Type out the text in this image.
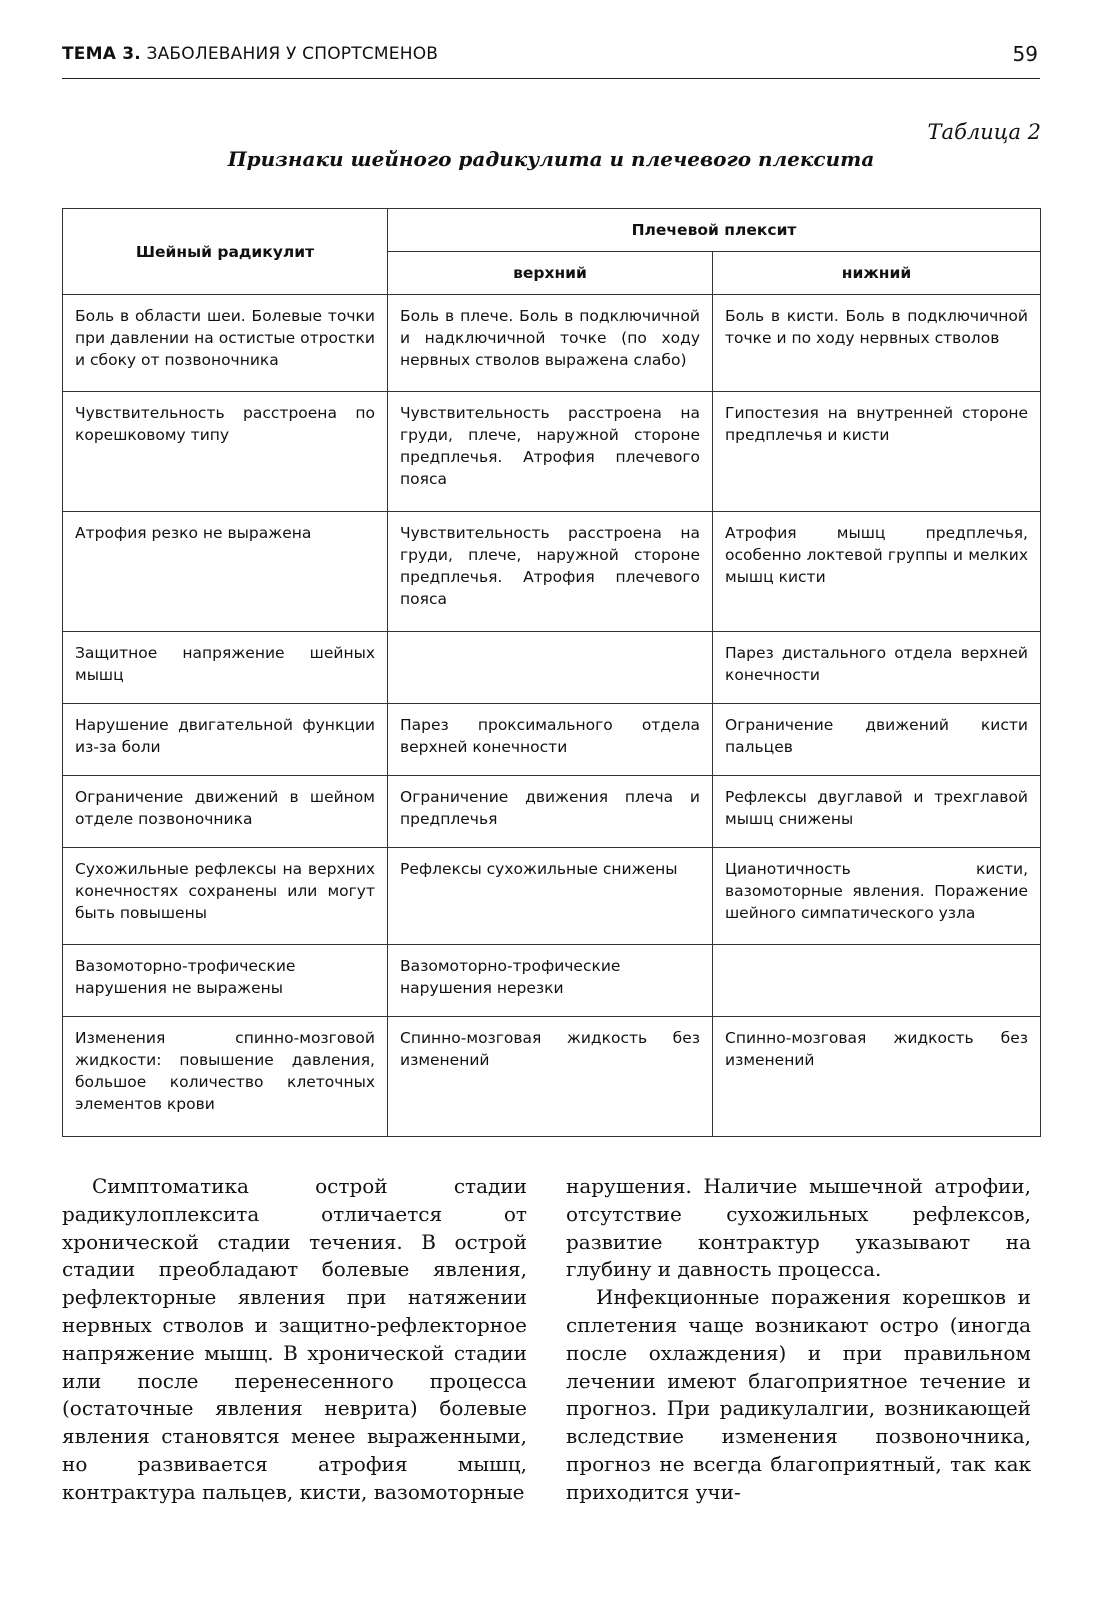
ТЕМА 3. ЗАБОЛЕВАНИЯ У СПОРТСМЕНОВ	59
Таблица 2
Признаки шейного радикулита и плечевого плексита
Шейный радикулит	Плечевой плексит	
	верхний	нижний
Боль в области шеи. Болевые точки при давлении на остистые отростки и сбоку от позвоночника	Боль в плече. Боль в подключичной и надключичной точке (по ходу нервных стволов выражена слабо)	Боль в кисти. Боль в подключичной точке и по ходу нервных стволов
Чувствительность расстроена по корешковому типу	Чувствительность расстроена на груди, плече, наружной стороне предплечья. Атрофия плечевого пояса	Гипостезия на внутренней стороне предплечья и кисти
Атрофия резко не выражена	Чувствительность расстроена на груди, плече, наружной стороне предплечья. Атрофия плечевого пояса	Атрофия мышц предплечья, особенно локтевой группы и мелких мышц кисти
Защитное напряжение шейных мышц		Парез дистального отдела верхней конечности
Нарушение двигательной функции из-за боли	Парез проксимального отдела верхней конечности	Ограничение движений кисти пальцев
Ограничение движений в шейном отделе позвоночника	Ограничение движения плеча и предплечья	Рефлексы двуглавой и трехглавой мышц снижены
Сухожильные рефлексы на верхних конечностях сохранены или могут быть повышены	Рефлексы сухожильные снижены	Цианотичность кисти, вазомоторные явления. Поражение шейного симпатического узла
Вазомоторно-трофические нарушения не выражены	Вазомоторно-трофические нарушения нерезки	
Изменения спинно-мозговой жидкости: повышение давления, большое количество клеточных элементов крови	Спинно-мозговая жидкость без изменений	Спинно-мозговая жидкость без изменений

Симптоматика острой стадии радикулоплексита отличается от хронической стадии течения. В острой стадии преобладают болевые явления, рефлекторные явления при натяжении нервных стволов и защитно-рефлекторное напряжение мышц. В хронической стадии или после перенесенного процесса (остаточные явления неврита) болевые явления становятся менее выраженными, но развивается атрофия мышц, контрактура пальцев, кисти, вазомоторные

нарушения. Наличие мышечной атрофии, отсутствие сухожильных рефлексов, развитие контрактур указывают на глубину и давность процесса.

Инфекционные поражения корешков и сплетения чаще возникают остро (иногда после охлаждения) и при правильном лечении имеют благоприятное течение и прогноз. При радикулалгии, возникающей вследствие изменения позвоночника, прогноз не всегда благоприятный, так как приходится учи-
